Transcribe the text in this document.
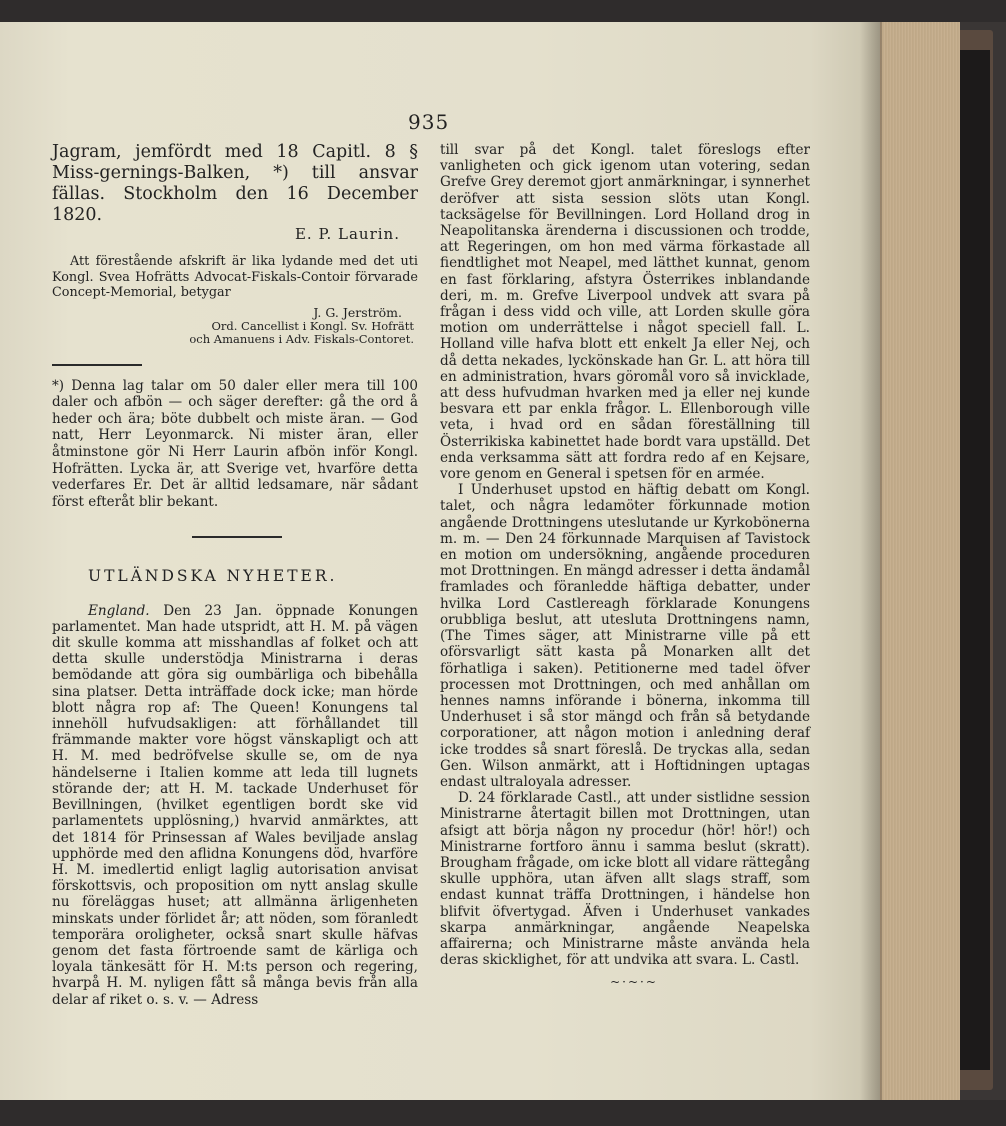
935

Jagram, jemfördt med 18 Capitl. 8 § Miss-gernings-Balken, *) till ansvar fällas. Stockholm den 16 December 1820.

E. P. Laurin.

Att förestående afskrift är lika lydande med det uti Kongl. Svea Hofrätts Advocat-Fiskals-Contoir förvarade Concept-Memorial, betygar

J. G. Jerström.

Ord. Cancellist i Kongl. Sv. Hofrätt

och Amanuens i Adv. Fiskals-Contoret.

*) Denna lag talar om 50 daler eller mera till 100 daler och afbön — och säger derefter: gå the ord å heder och ära; böte dubbelt och miste äran. — God natt, Herr Leyonmarck. Ni mister äran, eller åtminstone gör Ni Herr Laurin afbön inför Kongl. Hofrätten. Lycka är, att Sverige vet, hvarföre detta vederfares Er. Det är alltid ledsamare, när sådant först efteråt blir bekant.

UTLÄNDSKA NYHETER.

England. Den 23 Jan. öppnade Konungen parlamentet. Man hade utspridt, att H. M. på vägen dit skulle komma att misshandlas af folket och att detta skulle understödja Ministrarna i deras bemödande att göra sig oumbärliga och bibehålla sina platser. Detta inträffade dock icke; man hörde blott några rop af: The Queen! Konungens tal innehöll hufvudsakligen: att förhållandet till främmande makter vore högst vänskapligt och att H. M. med bedröfvelse skulle se, om de nya händelserne i Italien komme att leda till lugnets störande der; att H. M. tackade Underhuset för Bevillningen, (hvilket egentligen bordt ske vid parlamentets upplösning,) hvarvid anmärktes, att det 1814 för Prinsessan af Wales beviljade anslag upphörde med den aflidna Konungens död, hvarföre H. M. imedlertid enligt laglig autorisation anvisat förskottsvis, och proposition om nytt anslag skulle nu föreläggas huset; att allmänna ärligenheten minskats under förlidet år; att nöden, som föranledt temporära oroligheter, också snart skulle häfvas genom det fasta förtroende samt de kärliga och loyala tänkesätt för H. M:ts person och regering, hvarpå H. M. nyligen fått så många bevis från alla delar af riket o. s. v. — Adress

till svar på det Kongl. talet föreslogs efter vanligheten och gick igenom utan votering, sedan Grefve Grey deremot gjort anmärkningar, i synnerhet deröfver att sista session slöts utan Kongl. tacksägelse för Bevillningen. Lord Holland drog in Neapolitanska ärenderna i discussionen och trodde, att Regeringen, om hon med värma förkastade all fiendtlighet mot Neapel, med lätthet kunnat, genom en fast förklaring, afstyra Österrikes inblandande deri, m. m. Grefve Liverpool undvek att svara på frågan i dess vidd och ville, att Lorden skulle göra motion om underrättelse i något speciell fall. L. Holland ville hafva blott ett enkelt Ja eller Nej, och då detta nekades, lyckönskade han Gr. L. att höra till en administration, hvars göromål voro så invicklade, att dess hufvudman hvarken med ja eller nej kunde besvara ett par enkla frågor. L. Ellenborough ville veta, i hvad ord en sådan föreställning till Österrikiska kabinettet hade bordt vara upställd. Det enda verksamma sätt att fordra redo af en Kejsare, vore genom en General i spetsen för en armée.

I Underhuset upstod en häftig debatt om Kongl. talet, och några ledamöter förkunnade motion angående Drottningens uteslutande ur Kyrkobönerna m. m. — Den 24 förkunnade Marquisen af Tavistock en motion om undersökning, angående proceduren mot Drottningen. En mängd adresser i detta ändamål framlades och föranledde häftiga debatter, under hvilka Lord Castlereagh förklarade Konungens orubbliga beslut, att utesluta Drottningens namn, (The Times säger, att Ministrarne ville på ett oförsvarligt sätt kasta på Monarken allt det förhatliga i saken). Petitionerne med tadel öfver processen mot Drottningen, och med anhållan om hennes namns införande i bönerna, inkomma till Underhuset i så stor mängd och från så betydande corporationer, att någon motion i anledning deraf icke troddes så snart föreslå. De tryckas alla, sedan Gen. Wilson anmärkt, att i Hoftidningen uptagas endast ultraloyala adresser.

D. 24 förklarade Castl., att under sistlidne session Ministrarne återtagit billen mot Drottningen, utan afsigt att börja någon ny procedur (hör! hör!) och Ministrarne fortforo ännu i samma beslut (skratt). Brougham frågade, om icke blott all vidare rättegång skulle upphöra, utan äfven allt slags straff, som endast kunnat träffa Drottningen, i händelse hon blifvit öfvertygad. Äfven i Underhuset vankades skarpa anmärkningar, angående Neapelska affairerna; och Ministrarne måste använda hela deras skicklighet, för att undvika att svara. L. Castl.

~·~·~
